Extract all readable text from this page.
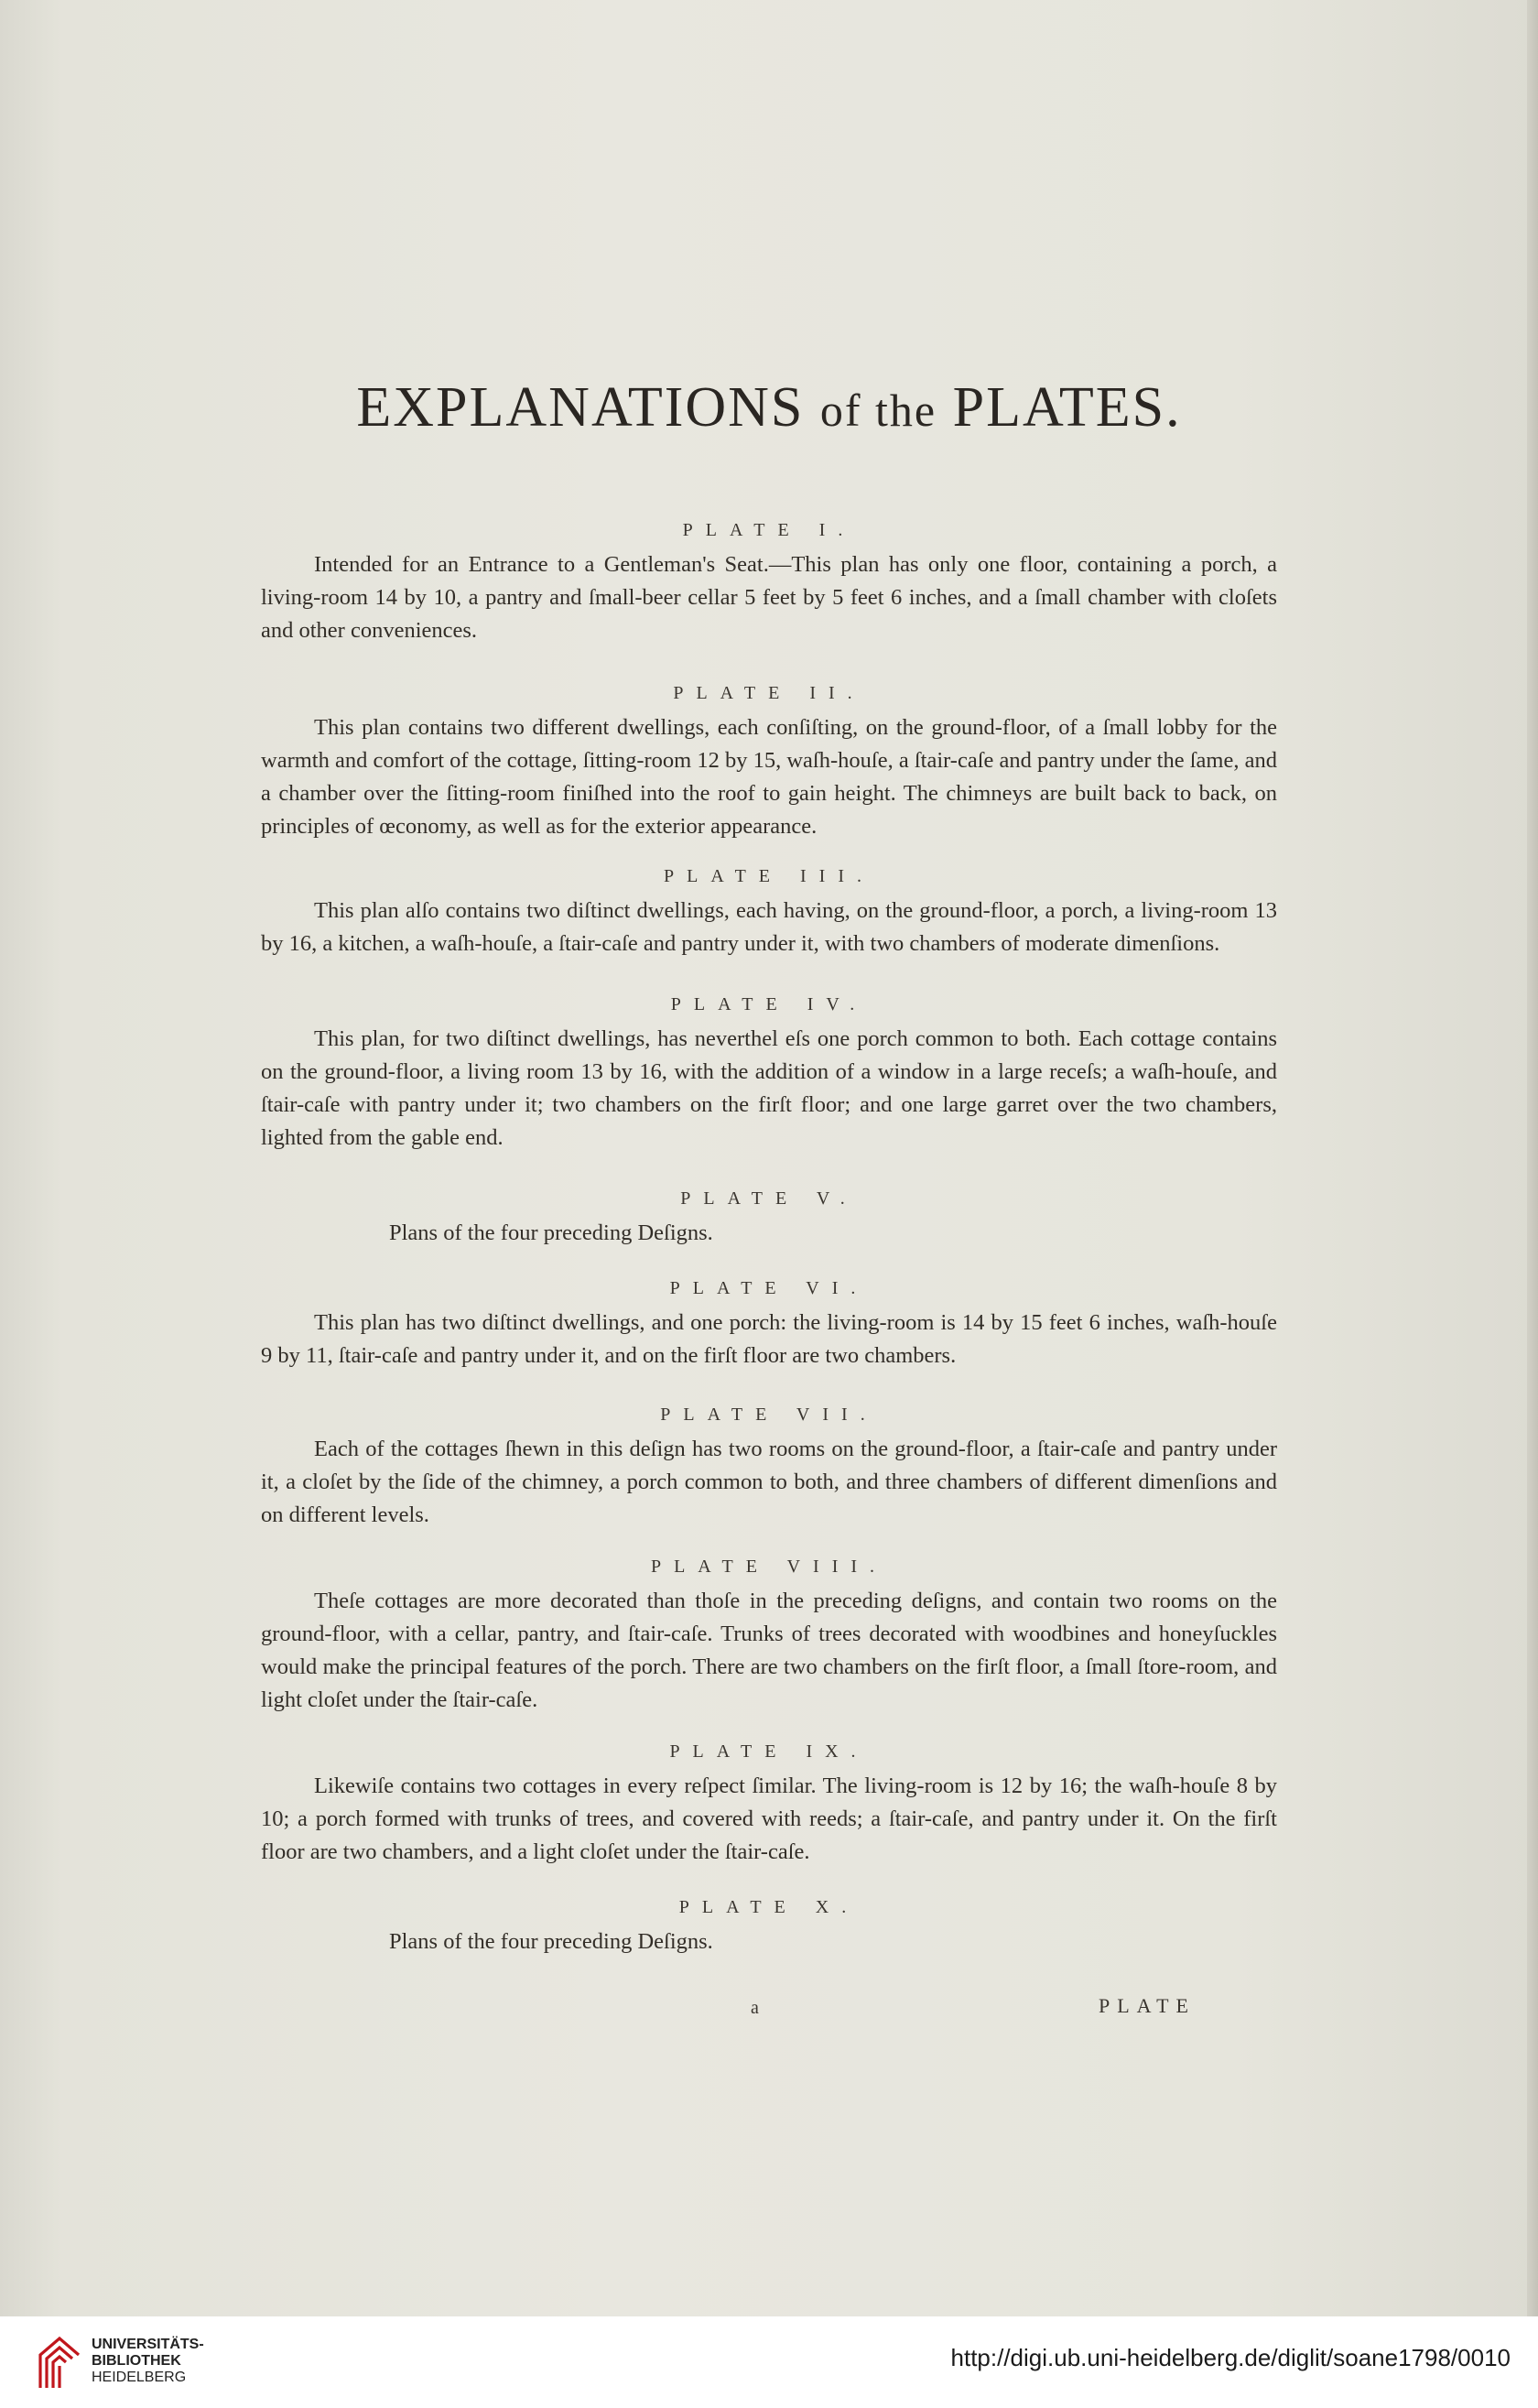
EXPLANATIONS of the PLATES.
PLATE I.
Intended for an Entrance to a Gentleman's Seat.—This plan has only one floor, containing a porch, a living-room 14 by 10, a pantry and ſmall-beer cellar 5 feet by 5 feet 6 inches, and a ſmall chamber with cloſets and other conveniences.
PLATE II.
This plan contains two different dwellings, each conſiſting, on the ground-floor, of a ſmall lobby for the warmth and comfort of the cottage, ſitting-room 12 by 15, waſh-houſe, a ſtair-caſe and pantry under the ſame, and a chamber over the ſitting-room finiſhed into the roof to gain height. The chimneys are built back to back, on principles of œconomy, as well as for the exterior appearance.
PLATE III.
This plan alſo contains two diſtinct dwellings, each having, on the ground-floor, a porch, a living-room 13 by 16, a kitchen, a waſh-houſe, a ſtair-caſe and pantry under it, with two chambers of moderate dimenſions.
PLATE IV.
This plan, for two diſtinct dwellings, has neverthel eſs one porch common to both. Each cottage contains on the ground-floor, a living room 13 by 16, with the addition of a window in a large receſs; a waſh-houſe, and ſtair-caſe with pantry under it; two chambers on the firſt floor; and one large garret over the two chambers, lighted from the gable end.
PLATE V.
Plans of the four preceding Deſigns.
PLATE VI.
This plan has two diſtinct dwellings, and one porch: the living-room is 14 by 15 feet 6 inches, waſh-houſe 9 by 11, ſtair-caſe and pantry under it, and on the firſt floor are two chambers.
PLATE VII.
Each of the cottages ſhewn in this deſign has two rooms on the ground-floor, a ſtair-caſe and pantry under it, a cloſet by the ſide of the chimney, a porch common to both, and three chambers of different dimenſions and on different levels.
PLATE VIII.
Theſe cottages are more decorated than thoſe in the preceding deſigns, and contain two rooms on the ground-floor, with a cellar, pantry, and ſtair-caſe. Trunks of trees decorated with woodbines and honeyſuckles would make the principal features of the porch. There are two chambers on the firſt floor, a ſmall ſtore-room, and light cloſet under the ſtair-caſe.
PLATE IX.
Likewiſe contains two cottages in every reſpect ſimilar. The living-room is 12 by 16; the waſh-houſe 8 by 10; a porch formed with trunks of trees, and covered with reeds; a ſtair-caſe, and pantry under it. On the firſt floor are two chambers, and a light cloſet under the ſtair-caſe.
PLATE X.
Plans of the four preceding Deſigns.
a	PLATE
UNIVERSITÄTS-
BIBLIOTHEK
HEIDELBERG
http://digi.ub.uni-heidelberg.de/diglit/soane1798/0010
